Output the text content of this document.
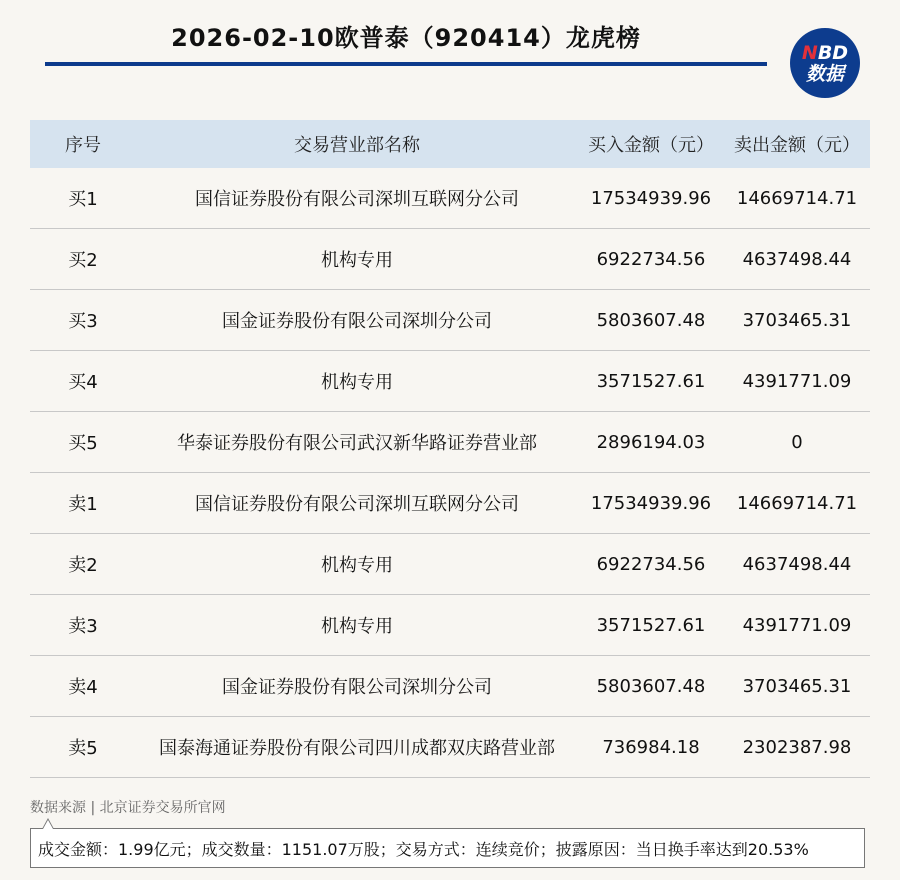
2026-02-10欧普泰（920414）龙虎榜
NBD
数据
序号	交易营业部名称	买入金额（元）	卖出金额（元）
买1	国信证券股份有限公司深圳互联网分公司	17534939.96	14669714.71
买2	机构专用	6922734.56	4637498.44
买3	国金证券股份有限公司深圳分公司	5803607.48	3703465.31
买4	机构专用	3571527.61	4391771.09
买5	华泰证券股份有限公司武汉新华路证券营业部	2896194.03	0
卖1	国信证券股份有限公司深圳互联网分公司	17534939.96	14669714.71
卖2	机构专用	6922734.56	4637498.44
卖3	机构专用	3571527.61	4391771.09
卖4	国金证券股份有限公司深圳分公司	5803607.48	3703465.31
卖5	国泰海通证券股份有限公司四川成都双庆路营业部	736984.18	2302387.98
数据来源 | 北京证券交易所官网
成交金额：1.99亿元；成交数量：1151.07万股；交易方式：连续竞价；披露原因：当日换手率达到20.53%
